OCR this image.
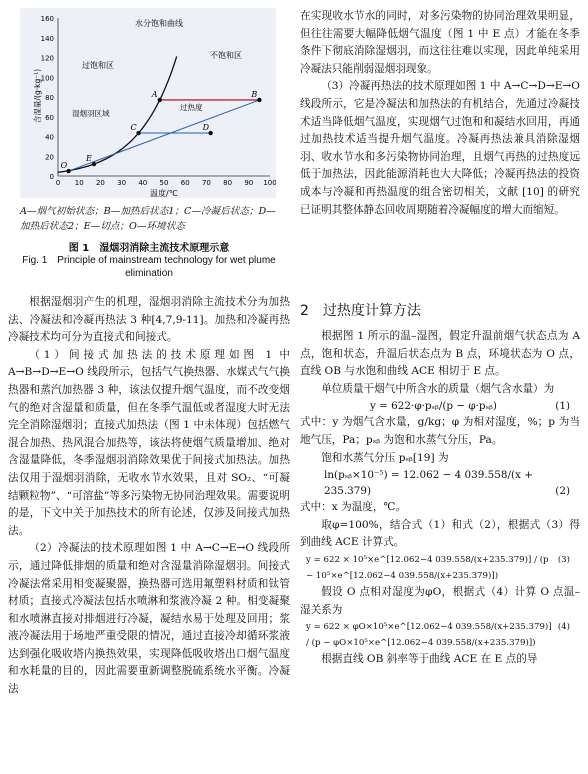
0
20
40
60
80
100
120
140
160
0 10 20 30 40 50 60 70 80 90 100
A	B
C	D
E
O
水分饱和曲线
不饱和区
过饱和区
湿烟羽区域
过热度
含湿量/(g·kg⁻¹)
温度/℃
A—烟气初始状态；B—加热后状态1；C—冷凝后状态；D—加热后状态2；E—切点；O—环境状态
图 1　湿烟羽消除主流技术原理示意
Fig. 1　Principle of mainstream technology for wet plume elimination

根据湿烟羽产生的机理，湿烟羽消除主流技术分为加热法、冷凝法和冷凝再热法 3 种[4,7,9-11]。加热和冷凝再热冷凝技术均可分为直接式和间接式。

（1）间接式加热法的技术原理如图 1 中 A→B→D→E→O 线段所示，包括气气换热器、水媒式气气换热器和蒸汽加热器 3 种，该法仅提升烟气温度，而不改变烟气的绝对含湿量和质量，但在冬季气温低或者湿度大时无法完全消除湿烟羽；直接式加热法（图 1 中未体现）包括燃气混合加热、热风混合加热等，该法将使烟气质量增加、绝对含湿量降低，冬季湿烟羽消除效果优于间接式加热法。加热法仅用于湿烟羽消除，无收水节水效果，且对 SO₂、“可凝结颗粒物”、“可溶盐”等多污染物无协同治理效果。需要说明的是，下文中关于加热技术的所有论述，仅涉及间接式加热法。

（2）冷凝法的技术原理如图 1 中 A→C→E→O 线段所示，通过降低排烟的质量和绝对含湿量消除湿烟羽。间接式冷凝法常采用相变凝聚器，换热器可选用氟塑料材质和钛管材质；直接式冷凝法包括水喷淋和浆液冷凝 2 种。相变凝聚和水喷淋直接对排烟进行冷凝，凝结水易于处理及回用；浆液冷凝法用于场地严重受限的情况，通过直接冷却循环浆液达到强化吸收塔内换热效果，实现降低吸收塔出口烟气温度和水耗量的目的，因此需要重新调整脱硫系统水平衡。冷凝法

在实现收水节水的同时，对多污染物的协同治理效果明显，但往往需要大幅降低烟气温度（图 1 中 E 点）才能在冬季条件下彻底消除湿烟羽，而这往往难以实现，因此单纯采用冷凝法只能削弱湿烟羽现象。

（3）冷凝再热法的技术原理如图 1 中 A→C→D→E→O 线段所示，它是冷凝法和加热法的有机结合，先通过冷凝技术适当降低烟气温度，实现烟气过饱和和凝结水回用，再通过加热技术适当提升烟气温度。冷凝再热法兼具消除湿烟羽、收水节水和多污染物协同治理，且烟气再热的过热度远低于加热法，因此能源消耗也大大降低；冷凝再热法的投资成本与冷凝和再热温度的组合密切相关，文献 [10] 的研究已证明其整体静态回收周期随着冷凝幅度的增大而缩短。

2　过热度计算方法

根据图 1 所示的温–湿图，假定升温前烟气状态点为 A 点，饱和状态，升温后状态点为 B 点，环境状态为 O 点，直线 OB 与水饱和曲线 ACE 相切于 E 点。

单位质量干烟气中所含水的质量（烟气含水量）为

y = 622·φ·pₛᵦ/(p − φ·pₛᵦ)	(1)

式中：y 为烟气含水量，g/kg；φ 为相对湿度，%；p 为当地气压，Pa；pₛᵦ 为饱和水蒸气分压，Pa。

饱和水蒸气分压 pₛᵦ[19] 为

ln(pₛᵦ×10⁻⁵) = 12.062 − 4 039.558/(x + 235.379)	(2)

式中：x 为温度，℃。

取φ=100%，结合式（1）和式（2），根据式（3）得到曲线 ACE 计算式。

y = 622 × 10⁵×e^[12.062−4 039.558/(x+235.379)] / (p − 10⁵×e^[12.062−4 039.558/(x+235.379)])
(3)

假设 O 点相对湿度为φO，根据式（4）计算 O 点温–湿关系为

y = 622 × φO×10⁵×e^[12.062−4 039.558/(x+235.379)] / (p − φO×10⁵×e^[12.062−4 039.558/(x+235.379)])
(4)

根据直线 OB 斜率等于曲线 ACE 在 E 点的导
